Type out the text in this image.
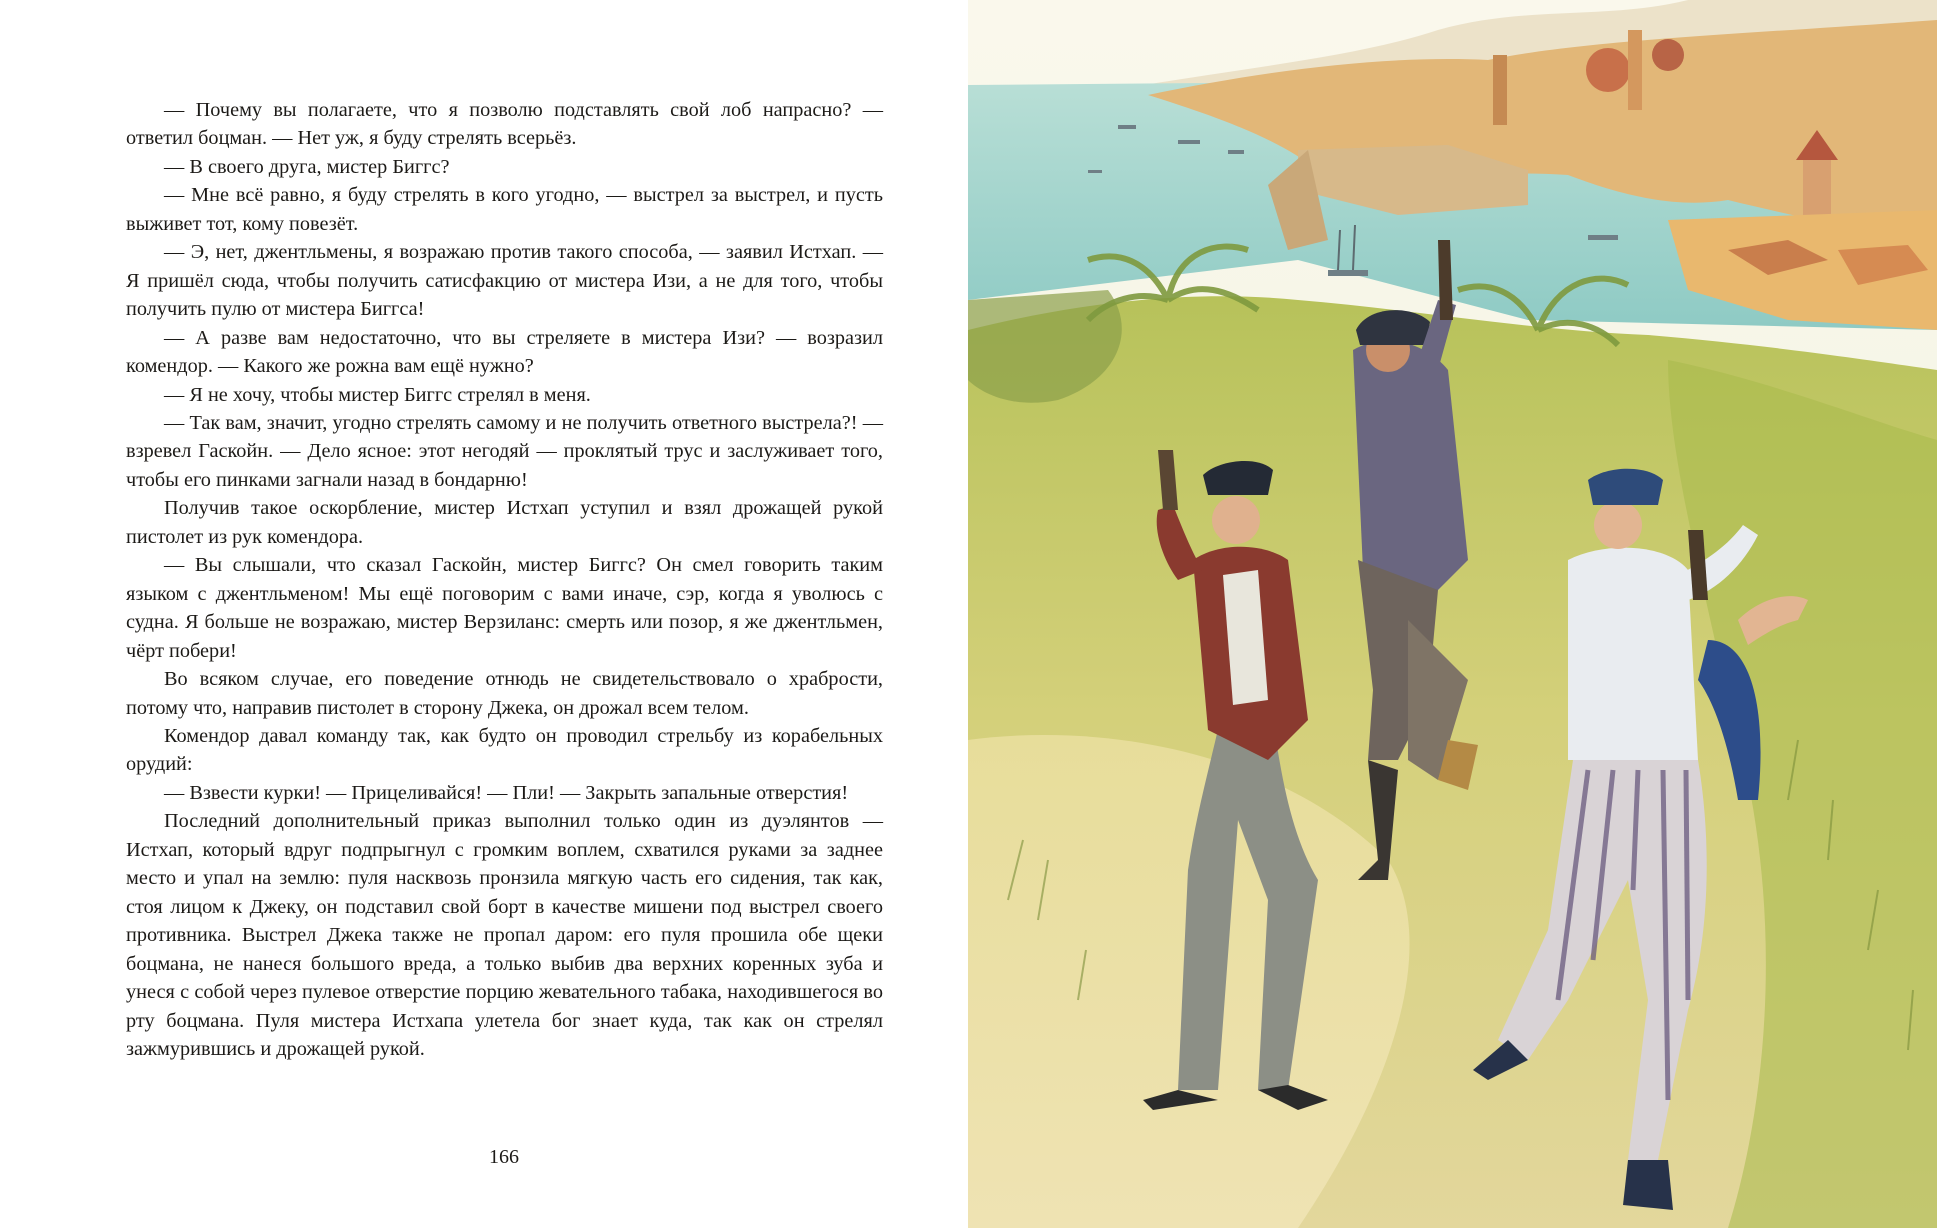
— Почему вы полагаете, что я позволю подставлять свой лоб напрасно? — ответил боцман. — Нет уж, я буду стрелять всерьёз.

— В своего друга, мистер Биггс?

— Мне всё равно, я буду стрелять в кого угодно, — выстрел за выстрел, и пусть выживет тот, кому повезёт.

— Э, нет, джентльмены, я возражаю против такого способа, — заявил Истхап. — Я пришёл сюда, чтобы получить сатисфакцию от мистера Изи, а не для того, чтобы получить пулю от мистера Биггса!

— А разве вам недостаточно, что вы стреляете в мистера Изи? — возразил комендор. — Какого же рожна вам ещё нужно?

— Я не хочу, чтобы мистер Биггс стрелял в меня.

— Так вам, значит, угодно стрелять самому и не получить ответного выстрела?! — взревел Гаскойн. — Дело ясное: этот негодяй — проклятый трус и заслуживает того, чтобы его пинками загнали назад в бондарню!

Получив такое оскорбление, мистер Истхап уступил и взял дрожащей рукой пистолет из рук комендора.

— Вы слышали, что сказал Гаскойн, мистер Биггс? Он смел говорить таким языком с джентльменом! Мы ещё поговорим с вами иначе, сэр, когда я уволюсь с судна. Я больше не возражаю, мистер Верзиланс: смерть или позор, я же джентльмен, чёрт побери!

Во всяком случае, его поведение отнюдь не свидетельствовало о храбрости, потому что, направив пистолет в сторону Джека, он дрожал всем телом.

Комендор давал команду так, как будто он проводил стрельбу из корабельных орудий:

— Взвести курки! — Прицеливайся! — Пли! — Закрыть запальные отверстия!

Последний дополнительный приказ выполнил только один из дуэлянтов — Истхап, который вдруг подпрыгнул с громким воплем, схватился руками за заднее место и упал на землю: пуля насквозь пронзила мягкую часть его сидения, так как, стоя лицом к Джеку, он подставил свой борт в качестве мишени под выстрел своего противника. Выстрел Джека также не пропал даром: его пуля прошила обе щеки боцмана, не нанеся большого вреда, а только выбив два верхних коренных зуба и унеся с собой через пулевое отверстие порцию жевательного табака, находившегося во рту боцмана. Пуля мистера Истхапа улетела бог знает куда, так как он стрелял зажмурившись и дрожащей рукой.

166
